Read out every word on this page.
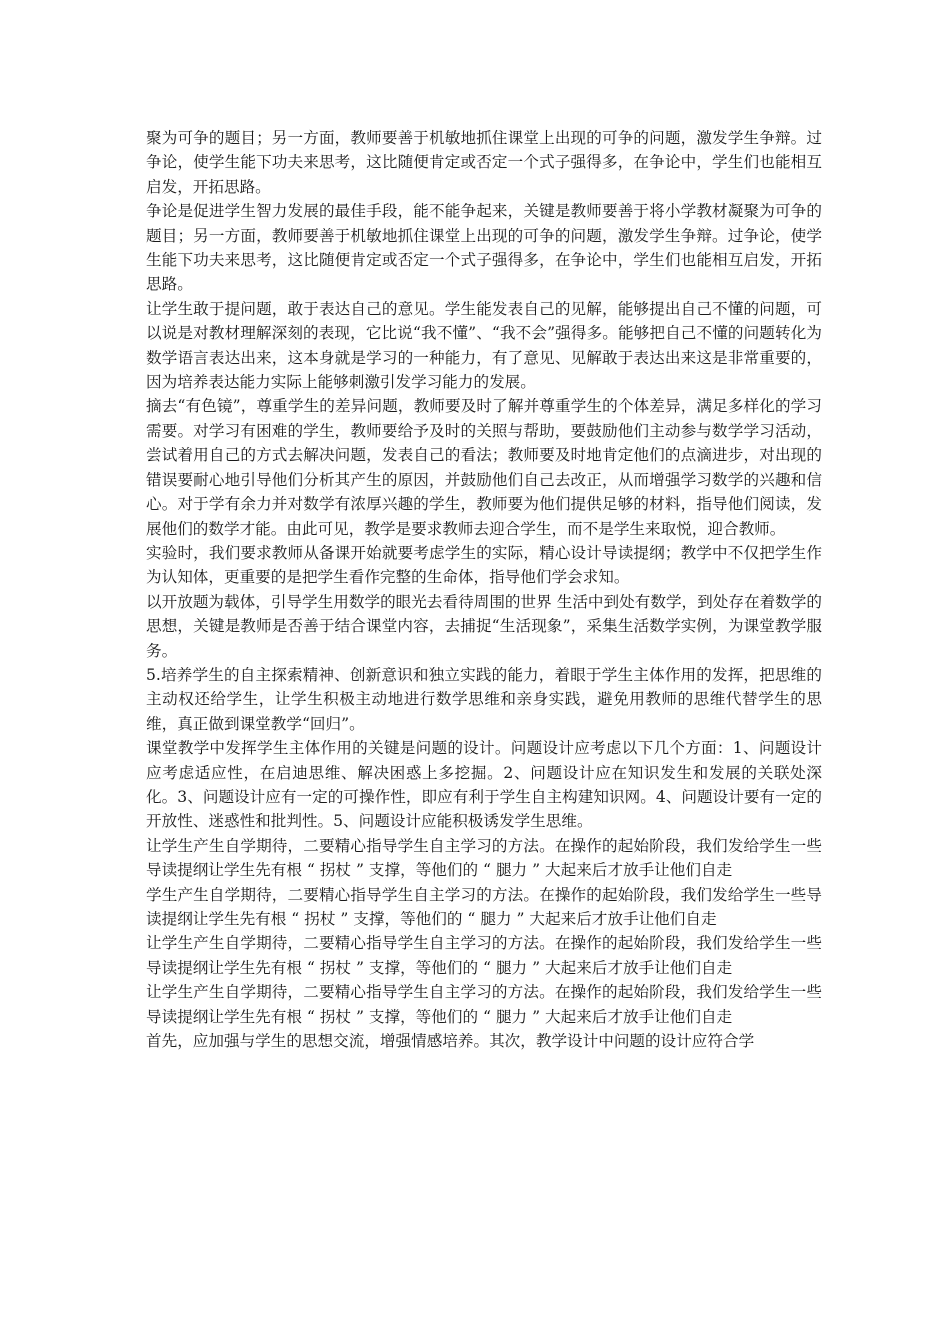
聚为可争的题目；另一方面，教师要善于机敏地抓住课堂上出现的可争的问题，激发学生争辩。过争论，使学生能下功夫来思考，这比随便肯定或否定一个式子强得多，在争论中，学生们也能相互启发，开拓思路。

争论是促进学生智力发展的最佳手段，能不能争起来，关键是教师要善于将小学教材凝聚为可争的题目；另一方面，教师要善于机敏地抓住课堂上出现的可争的问题，激发学生争辩。过争论，使学生能下功夫来思考，这比随便肯定或否定一个式子强得多，在争论中，学生们也能相互启发，开拓思路。

让学生敢于提问题，敢于表达自己的意见。学生能发表自己的见解，能够提出自己不懂的问题，可以说是对教材理解深刻的表现，它比说“我不懂”、“我不会”强得多。能够把自己不懂的问题转化为数学语言表达出来，这本身就是学习的一种能力，有了意见、见解敢于表达出来这是非常重要的，因为培养表达能力实际上能够刺激引发学习能力的发展。

摘去“有色镜”，尊重学生的差异问题，教师要及时了解并尊重学生的个体差异，满足多样化的学习需要。对学习有困难的学生，教师要给予及时的关照与帮助，要鼓励他们主动参与数学学习活动，尝试着用自己的方式去解决问题，发表自己的看法；教师要及时地肯定他们的点滴进步，对出现的错误要耐心地引导他们分析其产生的原因，并鼓励他们自己去改正，从而增强学习数学的兴趣和信心。对于学有余力并对数学有浓厚兴趣的学生，教师要为他们提供足够的材料，指导他们阅读，发展他们的数学才能。由此可见，教学是要求教师去迎合学生，而不是学生来取悦，迎合教师。

实验时，我们要求教师从备课开始就要考虑学生的实际，精心设计导读提纲；教学中不仅把学生作为认知体，更重要的是把学生看作完整的生命体，指导他们学会求知。

以开放题为载体，引导学生用数学的眼光去看待周围的世界 生活中到处有数学，到处存在着数学的思想，关键是教师是否善于结合课堂内容，去捕捉“生活现象”，采集生活数学实例，为课堂教学服务。

5.培养学生的自主探索精神、创新意识和独立实践的能力，着眼于学生主体作用的发挥，把思维的主动权还给学生，让学生积极主动地进行数学思维和亲身实践，避免用教师的思维代替学生的思维，真正做到课堂教学“回归”。

课堂教学中发挥学生主体作用的关键是问题的设计。问题设计应考虑以下几个方面：1、问题设计应考虑适应性，在启迪思维、解决困惑上多挖掘。2、问题设计应在知识发生和发展的关联处深化。3、问题设计应有一定的可操作性，即应有利于学生自主构建知识网。4、问题设计要有一定的开放性、迷惑性和批判性。5、问题设计应能积极诱发学生思维。

让学生产生自学期待，二要精心指导学生自主学习的方法。在操作的起始阶段，我们发给学生一些导读提纲让学生先有根 “ 拐杖 ” 支撑，等他们的 “ 腿力 ” 大起来后才放手让他们自走

学生产生自学期待，二要精心指导学生自主学习的方法。在操作的起始阶段，我们发给学生一些导读提纲让学生先有根 “ 拐杖 ” 支撑，等他们的 “ 腿力 ” 大起来后才放手让他们自走

让学生产生自学期待，二要精心指导学生自主学习的方法。在操作的起始阶段，我们发给学生一些导读提纲让学生先有根 “ 拐杖 ” 支撑，等他们的 “ 腿力 ” 大起来后才放手让他们自走

让学生产生自学期待，二要精心指导学生自主学习的方法。在操作的起始阶段，我们发给学生一些导读提纲让学生先有根 “ 拐杖 ” 支撑，等他们的 “ 腿力 ” 大起来后才放手让他们自走

首先，应加强与学生的思想交流，增强情感培养。其次，教学设计中问题的设计应符合学
